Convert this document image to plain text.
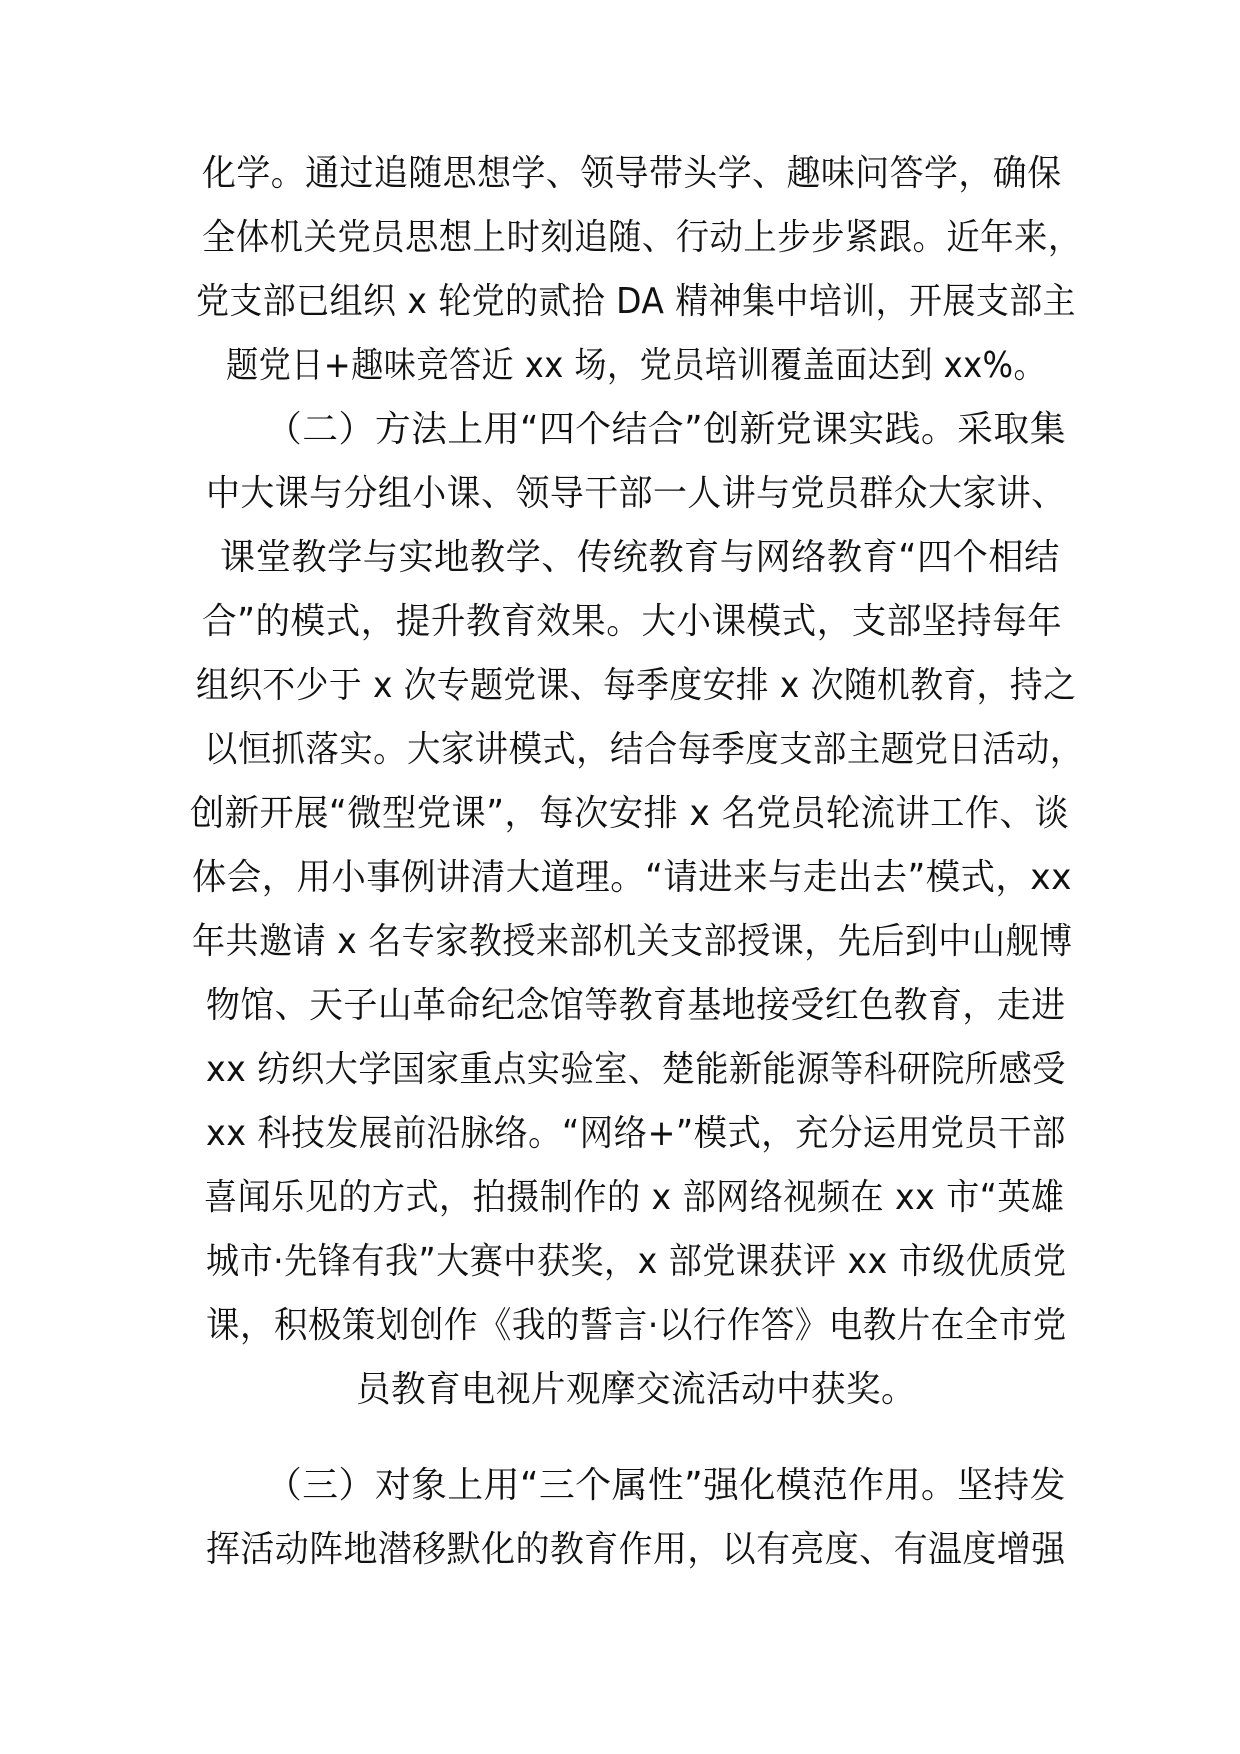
化学。通过追随思想学、领导带头学、趣味问答学，确保
全体机关党员思想上时刻追随、行动上步步紧跟。近年来，
党支部已组织 x 轮党的贰拾 DA 精神集中培训，开展支部主
题党日+趣味竞答近 xx 场，党员培训覆盖面达到 xx%。
（二）方法上用“四个结合”创新党课实践。采取集
中大课与分组小课、领导干部一人讲与党员群众大家讲、
课堂教学与实地教学、传统教育与网络教育“四个相结
合”的模式，提升教育效果。大小课模式，支部坚持每年
组织不少于 x 次专题党课、每季度安排 x 次随机教育，持之
以恒抓落实。大家讲模式，结合每季度支部主题党日活动，
创新开展“微型党课”，每次安排 x 名党员轮流讲工作、谈
体会，用小事例讲清大道理。“请进来与走出去”模式，xx
年共邀请 x 名专家教授来部机关支部授课，先后到中山舰博
物馆、天子山革命纪念馆等教育基地接受红色教育，走进
xx 纺织大学国家重点实验室、楚能新能源等科研院所感受
xx 科技发展前沿脉络。“网络+”模式，充分运用党员干部
喜闻乐见的方式，拍摄制作的 x 部网络视频在 xx 市“英雄
城市·先锋有我”大赛中获奖，x 部党课获评 xx 市级优质党
课，积极策划创作《我的誓言·以行作答》电教片在全市党
员教育电视片观摩交流活动中获奖。
（三）对象上用“三个属性”强化模范作用。坚持发
挥活动阵地潜移默化的教育作用，以有亮度、有温度增强
